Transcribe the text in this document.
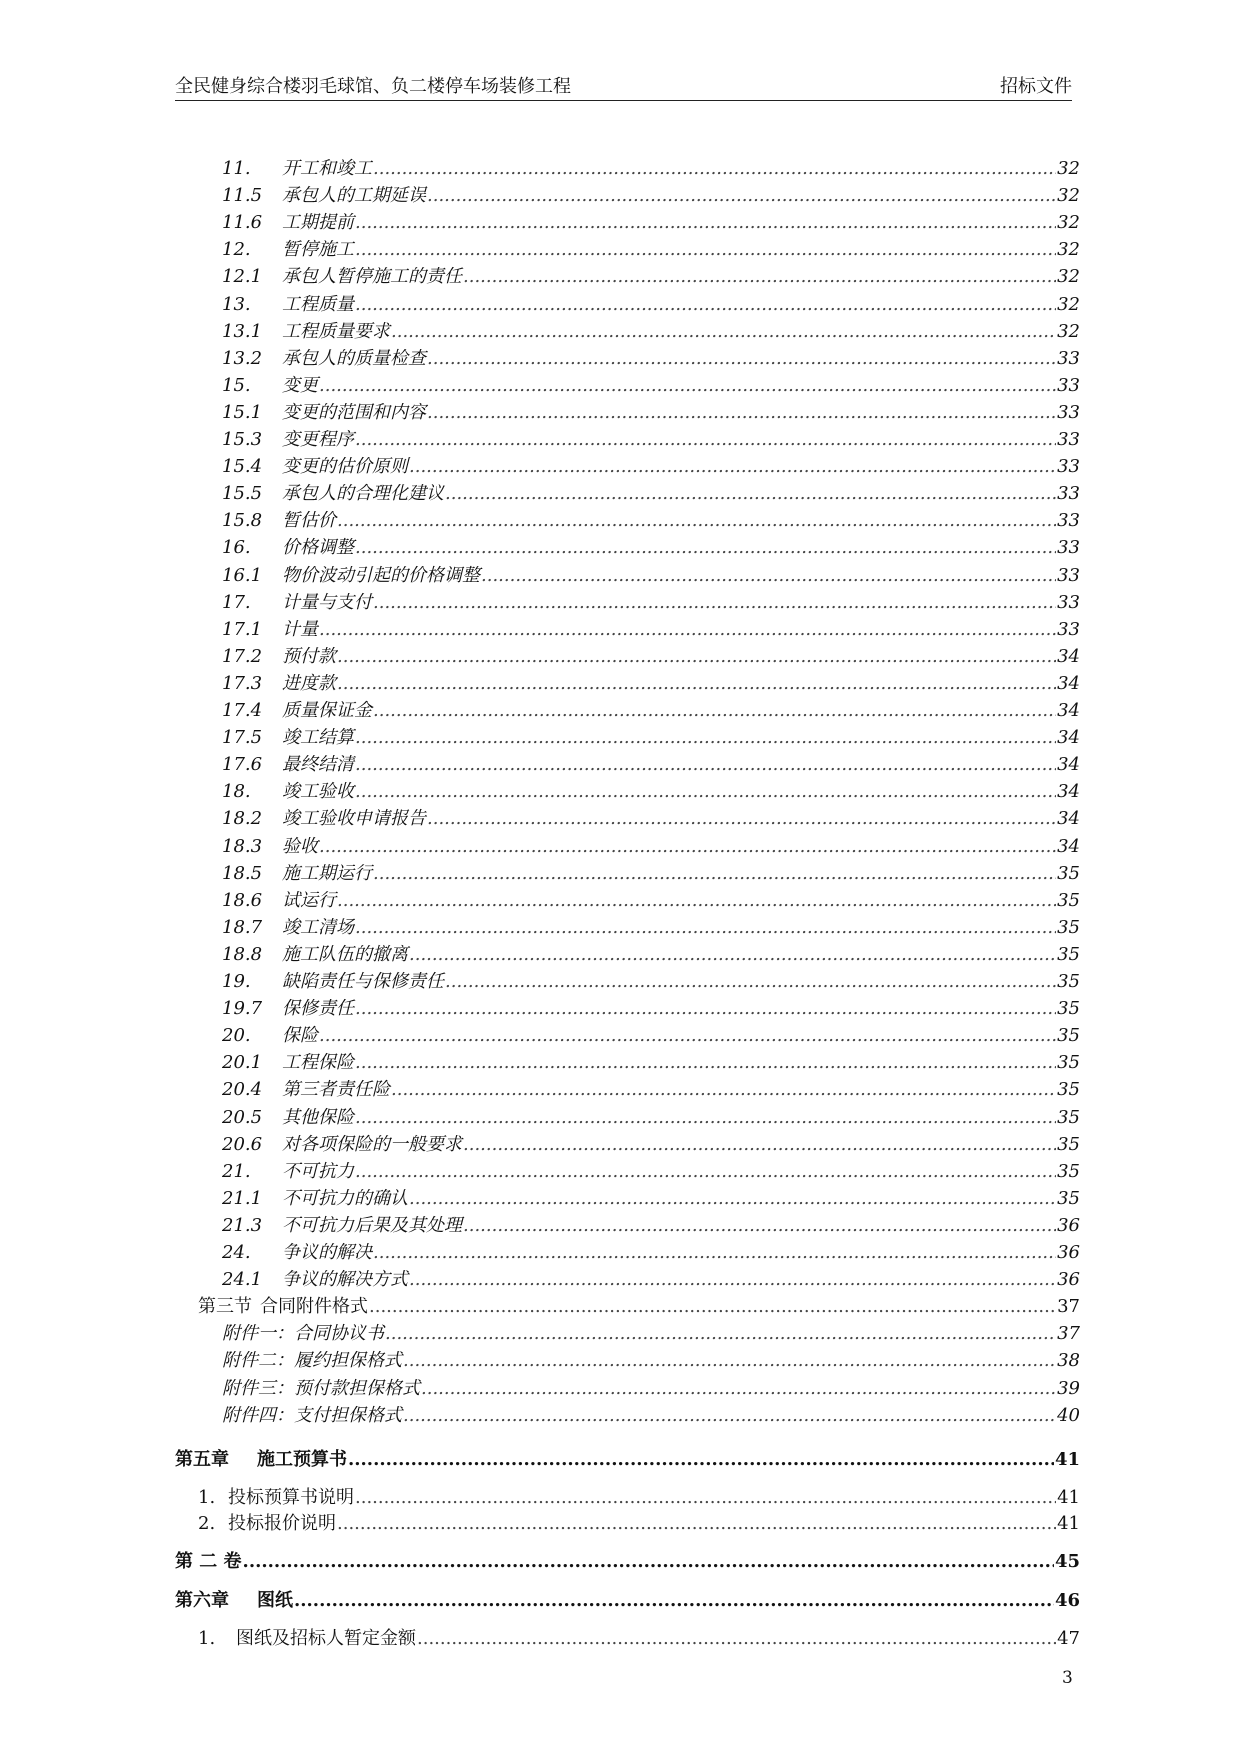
全民健身综合楼羽毛球馆、负二楼停车场装修工程	招标文件
11. 开工和竣工 .....	32
11.5 承包人的工期延误 .....	32
11.6 工期提前 .....	32
12. 暂停施工 .....	32
12.1 承包人暂停施工的责任 .....	32
13. 工程质量 .....	32
13.1 工程质量要求 .....	32
13.2 承包人的质量检查 .....	33
15. 变更 .....	33
15.1 变更的范围和内容 .....	33
15.3 变更程序 .....	33
15.4 变更的估价原则 .....	33
15.5 承包人的合理化建议 .....	33
15.8 暂估价 .....	33
16. 价格调整 .....	33
16.1 物价波动引起的价格调整 .....	33
17. 计量与支付 .....	33
17.1 计量 .....	33
17.2 预付款 .....	34
17.3 进度款 .....	34
17.4 质量保证金 .....	34
17.5 竣工结算 .....	34
17.6 最终结清 .....	34
18. 竣工验收 .....	34
18.2 竣工验收申请报告 .....	34
18.3 验收 .....	34
18.5 施工期运行 .....	35
18.6 试运行 .....	35
18.7 竣工清场 .....	35
18.8 施工队伍的撤离 .....	35
19. 缺陷责任与保修责任 .....	35
19.7 保修责任 .....	35
20. 保险 .....	35
20.1 工程保险 .....	35
20.4 第三者责任险 .....	35
20.5 其他保险 .....	35
20.6 对各项保险的一般要求 .....	35
21. 不可抗力 .....	35
21.1 不可抗力的确认 .....	35
21.3 不可抗力后果及其处理 .....	36
24. 争议的解决 .....	36
24.1 争议的解决方式 .....	36
第三节 合同附件格式 .....	37
附件一：合同协议书 .....	37
附件二：履约担保格式 .....	38
附件三：预付款担保格式 .....	39
附件四：支付担保格式 .....	40
第五章 施工预算书 .....	41
1. 投标预算书说明 .....	41
2. 投标报价说明 .....	41
第 二 卷 .....	45
第六章 图纸 .....	46
1. 图纸及招标人暂定金额 .....	47
3
